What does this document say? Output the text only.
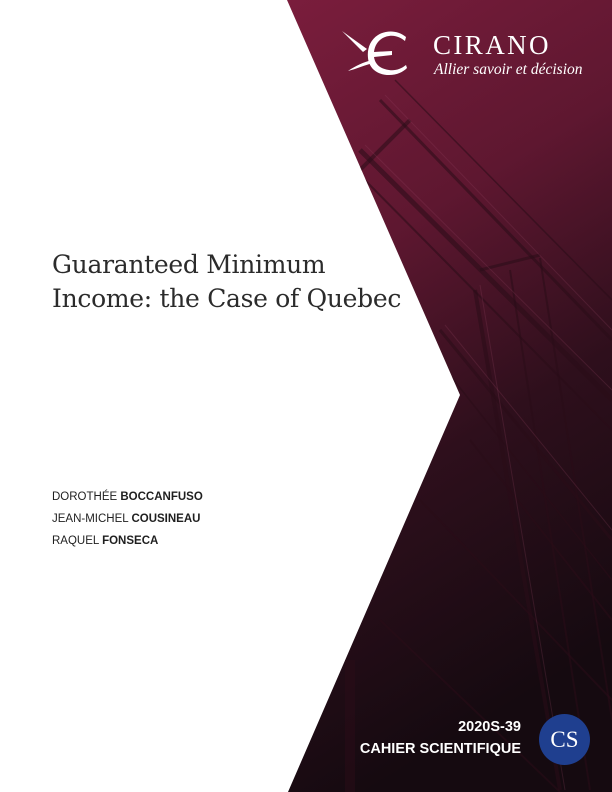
CIRANO
Allier savoir et décision
Guaranteed Minimum
Income: the Case of Quebec
DOROTHÉE BOCCANFUSO
JEAN-MICHEL COUSINEAU
RAQUEL FONSECA
2020S-39
CAHIER SCIENTIFIQUE	CS
